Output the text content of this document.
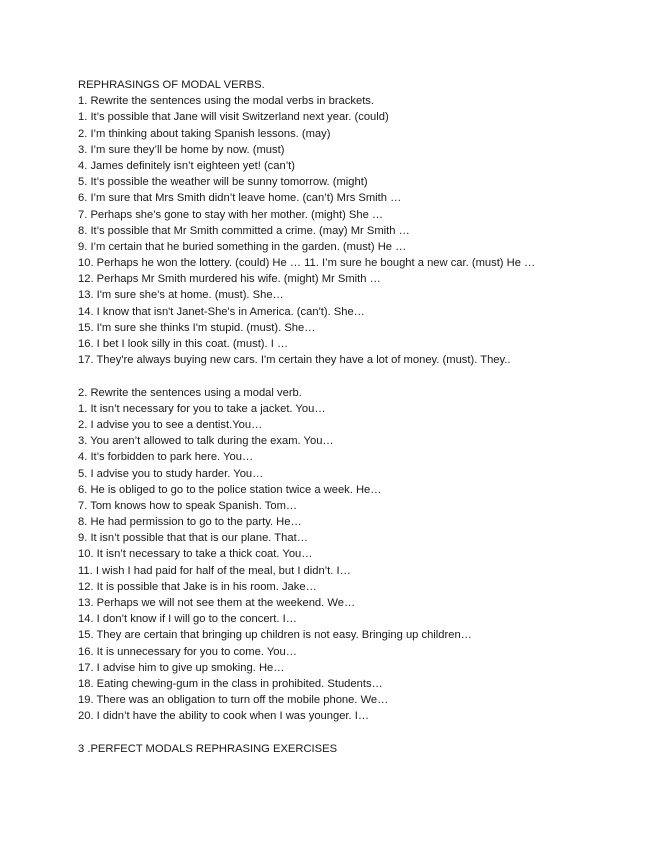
REPHRASINGS OF MODAL VERBS.
1. Rewrite the sentences using the modal verbs in brackets.
1. It’s possible that Jane will visit Switzerland next year. (could)
2. I’m thinking about taking Spanish lessons. (may)
3. I’m sure they’ll be home by now. (must)
4. James definitely isn’t eighteen yet! (can’t)
5. It’s possible the weather will be sunny tomorrow. (might)
6. I’m sure that Mrs Smith didn’t leave home. (can’t) Mrs Smith …
7. Perhaps she’s gone to stay with her mother. (might) She …
8. It’s possible that Mr Smith committed a crime. (may) Mr Smith …
9. I’m certain that he buried something in the garden. (must) He …
10. Perhaps he won the lottery. (could) He … 11. I’m sure he bought a new car. (must) He …
12. Perhaps Mr Smith murdered his wife. (might) Mr Smith …
13. I'm sure she's at home. (must). She…
14. I know that isn't Janet-She's in America. (can't). She…
15. I'm sure she thinks I'm stupid. (must). She…
16. I bet I look silly in this coat. (must). I …
17. They're always buying new cars. I'm certain they have a lot of money. (must). They..
2. Rewrite the sentences using a modal verb.
1. It isn’t necessary for you to take a jacket. You…
2. I advise you to see a dentist.You…
3. You aren’t allowed to talk during the exam. You…
4. It’s forbidden to park here. You…
5. I advise you to study harder. You…
6. He is obliged to go to the police station twice a week. He…
7. Tom knows how to speak Spanish. Tom…
8. He had permission to go to the party. He…
9. It isn’t possible that that is our plane. That…
10. It isn’t necessary to take a thick coat. You…
11. I wish I had paid for half of the meal, but I didn’t. I…
12. It is possible that Jake is in his room. Jake…
13. Perhaps we will not see them at the weekend. We…
14. I don’t know if I will go to the concert. I…
15. They are certain that bringing up children is not easy. Bringing up children…
16. It is unnecessary for you to come. You…
17. I advise him to give up smoking. He…
18. Eating chewing-gum in the class in prohibited. Students…
19. There was an obligation to turn off the mobile phone. We…
20. I didn’t have the ability to cook when I was younger. I…
3 .PERFECT MODALS REPHRASING EXERCISES
